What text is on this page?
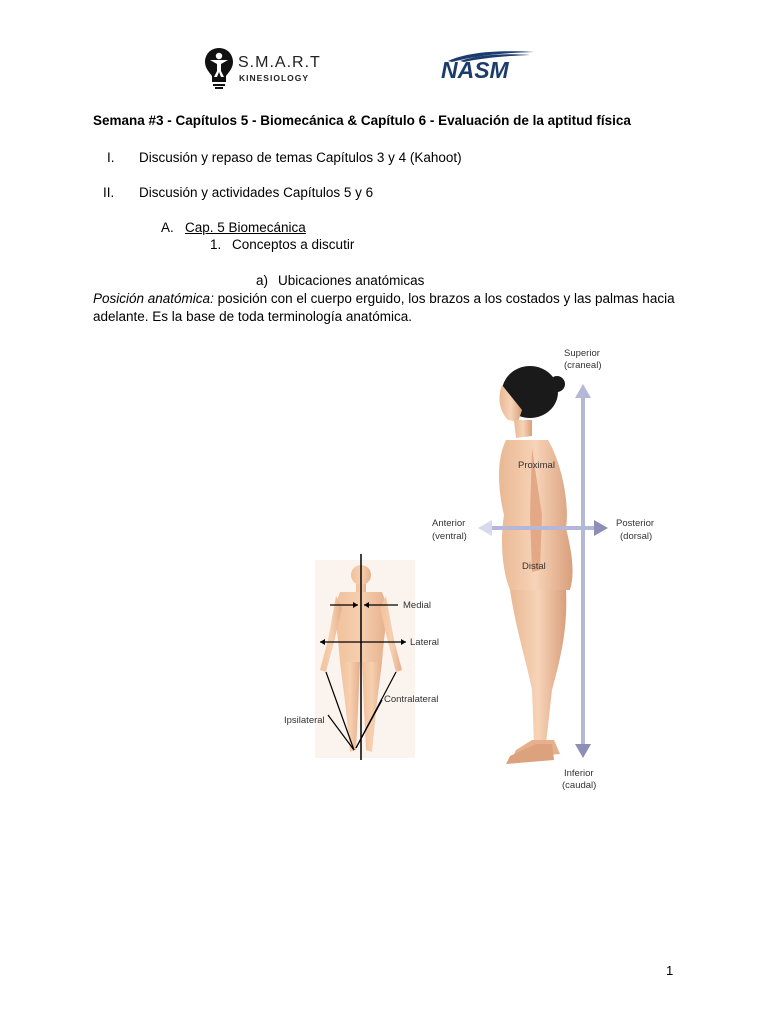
S.M.A.R.T
KINESIOLOGY	NASM
Semana #3 - Capítulos 5 - Biomecánica & Capítulo 6 - Evaluación de la aptitud física
I. Discusión y repaso de temas Capítulos 3 y 4 (Kahoot)
II. Discusión y actividades Capítulos 5 y 6
A. Cap. 5 Biomecánica
1. Conceptos a discutir
a) Ubicaciones anatómicas
Posición anatómica: posición con el cuerpo erguido, los brazos a los costados y las palmas hacia adelante. Es la base de toda terminología anatómica.
Superior
(craneal)
Inferior
(caudal)
Anterior
(ventral)
Posterior
(dorsal)
Proximal
Distal
Medial
Lateral
Contralateral
Ipsilateral
1
